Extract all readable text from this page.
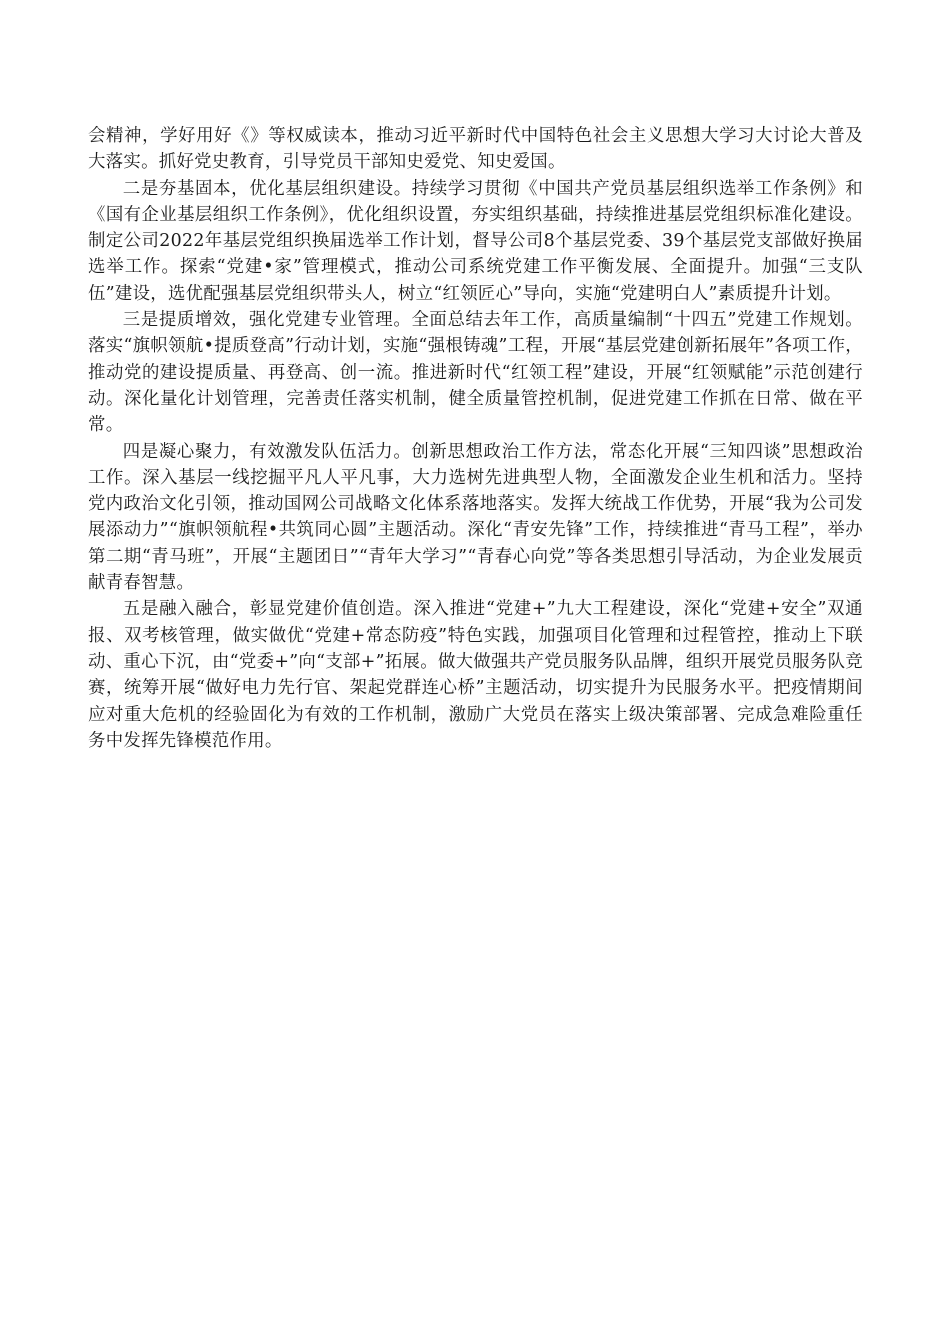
会精神，学好用好《》等权威读本，推动习近平新时代中国特色社会主义思想大学习大讨论大普及大落实。抓好党史教育，引导党员干部知史爱党、知史爱国。

二是夯基固本，优化基层组织建设。持续学习贯彻《中国共产党员基层组织选举工作条例》和《国有企业基层组织工作条例》，优化组织设置，夯实组织基础，持续推进基层党组织标准化建设。制定公司2022年基层党组织换届选举工作计划，督导公司8个基层党委、39个基层党支部做好换届选举工作。探索“党建•家”管理模式，推动公司系统党建工作平衡发展、全面提升。加强“三支队伍”建设，选优配强基层党组织带头人，树立“红领匠心”导向，实施“党建明白人”素质提升计划。

三是提质增效，强化党建专业管理。全面总结去年工作，高质量编制“十四五”党建工作规划。落实“旗帜领航•提质登高”行动计划，实施“强根铸魂”工程，开展“基层党建创新拓展年”各项工作，推动党的建设提质量、再登高、创一流。推进新时代“红领工程”建设，开展“红领赋能”示范创建行动。深化量化计划管理，完善责任落实机制，健全质量管控机制，促进党建工作抓在日常、做在平常。

四是凝心聚力，有效激发队伍活力。创新思想政治工作方法，常态化开展“三知四谈”思想政治工作。深入基层一线挖掘平凡人平凡事，大力选树先进典型人物，全面激发企业生机和活力。坚持党内政治文化引领，推动国网公司战略文化体系落地落实。发挥大统战工作优势，开展“我为公司发展添动力”“旗帜领航程•共筑同心圆”主题活动。深化“青安先锋”工作，持续推进“青马工程”，举办第二期“青马班”，开展“主题团日”“青年大学习”“青春心向党”等各类思想引导活动，为企业发展贡献青春智慧。

五是融入融合，彰显党建价值创造。深入推进“党建+”九大工程建设，深化“党建+安全”双通报、双考核管理，做实做优“党建+常态防疫”特色实践，加强项目化管理和过程管控，推动上下联动、重心下沉，由“党委+”向“支部+”拓展。做大做强共产党员服务队品牌，组织开展党员服务队竞赛，统筹开展“做好电力先行官、架起党群连心桥”主题活动，切实提升为民服务水平。把疫情期间应对重大危机的经验固化为有效的工作机制，激励广大党员在落实上级决策部署、完成急难险重任务中发挥先锋模范作用。
